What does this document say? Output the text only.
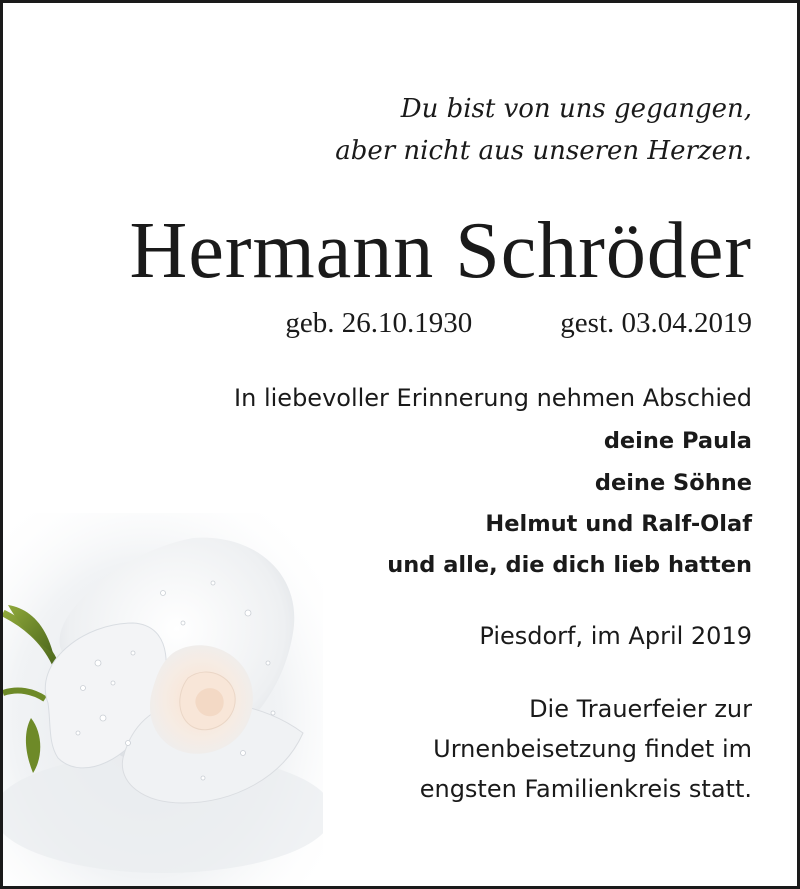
Du bist von uns gegangen,

aber nicht aus unseren Herzen.

Hermann Schröder
geb. 26.10.1930	gest. 03.04.2019

In liebevoller Erinnerung nehmen Abschied

deine Paula

deine Söhne

Helmut und Ralf-Olaf

und alle, die dich lieb hatten

Piesdorf, im April 2019

Die Trauerfeier zur

Urnenbeisetzung findet im

engsten Familienkreis statt.
